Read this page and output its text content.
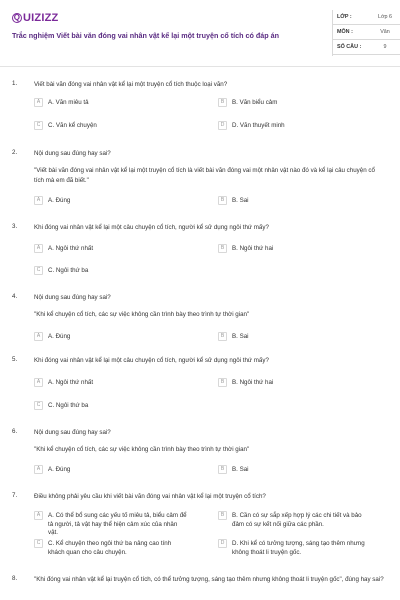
Q UIZIZZ
Trắc nghiệm Viết bài văn đóng vai nhân vật kể lại một truyện cổ tích có đáp án
LỚP :	Lớp 6
MÔN :	Văn
SỐ CÂU :	9
1.	Viết bài văn đóng vai nhân vật kể lại một truyện cổ tích thuộc loại văn?
A	A. Văn miêu tả	B	B. Văn biểu cảm
C	C. Văn kể chuyện	D	D. Văn thuyết minh
2.	Nội dung sau đúng hay sai?
"Viết bài văn đóng vai nhân vật kể lại một truyện cổ tích là viết bài văn đóng vai một nhân vật nào đó và kể lại câu chuyện cổ tích mà em đã biết."
A	A. Đúng	B	B. Sai
3.	Khi đóng vai nhân vật kể lại một câu chuyện cổ tích, người kể sử dụng ngôi thứ mấy?
A	A. Ngôi thứ nhất	B	B. Ngôi thứ hai
C	C. Ngôi thứ ba
4.	Nội dung sau đúng hay sai?
"Khi kể chuyện cổ tích, các sự việc không cần trình bày theo trình tự thời gian"
A	A. Đúng	B	B. Sai
5.	Khi đóng vai nhân vật kể lại một câu chuyện cổ tích, người kể sử dụng ngôi thứ mấy?
A	A. Ngôi thứ nhất	B	B. Ngôi thứ hai
C	C. Ngôi thứ ba
6.	Nội dung sau đúng hay sai?
"Khi kể chuyện cổ tích, các sự việc không cần trình bày theo trình tự thời gian"
A	A. Đúng	B	B. Sai
7.	Điều không phải yêu cầu khi viết bài văn đóng vai nhân vật kể lại một truyện cổ tích?
A	A. Có thể bổ sung các yếu tố miêu tả, biểu cảm để tả người, tả vật hay thể hiện cảm xúc của nhân vật.
B	B. Cần có sự sắp xếp hợp lý các chi tiết và bảo đảm có sự kết nối giữa các phần.
C	C. Kể chuyện theo ngôi thứ ba nâng cao tính khách quan cho câu chuyện.
D	D. Khi kể có tưởng tượng, sáng tạo thêm nhưng không thoát li truyện gốc.
8.	"Khi đóng vai nhân vật kể lại truyện cổ tích, có thể tưởng tượng, sáng tạo thêm nhưng không thoát li truyện gốc", đúng hay sai?
